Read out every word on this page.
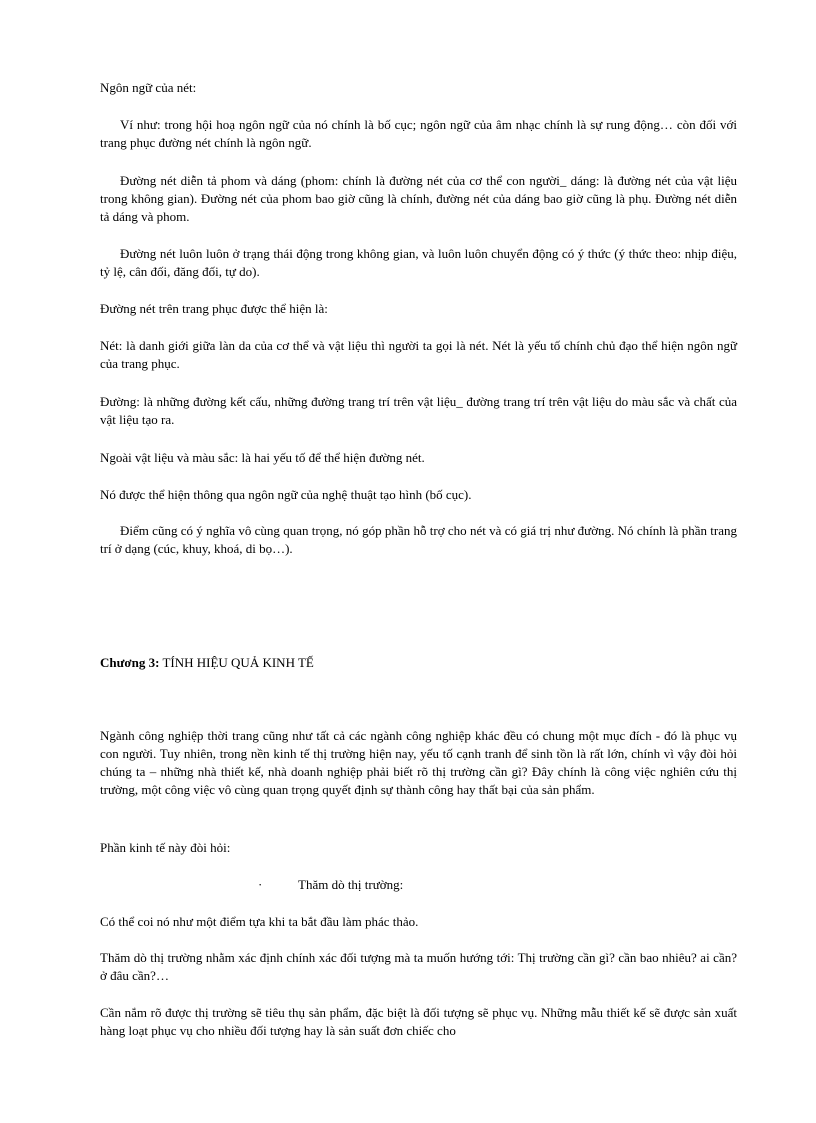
Ngôn ngữ của nét:

Ví như: trong hội hoạ ngôn ngữ của nó chính là bố cục; ngôn ngữ của âm nhạc chính là sự rung động… còn đối với trang phục đường nét chính là ngôn ngữ.

Đường nét diễn tả phom và dáng (phom: chính là đường nét của cơ thể con người_ dáng: là đường nét của vật liệu trong không gian). Đường nét của phom bao giờ cũng là chính, đường nét của dáng bao giờ cũng là phụ. Đường nét diễn tả dáng và phom.

Đường nét luôn luôn ở trạng thái động trong không gian, và luôn luôn chuyển động có ý thức (ý thức theo: nhịp điệu, tỷ lệ, cân đối, đăng đối, tự do).

Đường nét trên trang phục được thể hiện là:

Nét: là danh giới giữa làn da của cơ thể và vật liệu thì người ta gọi là nét. Nét là yếu tố chính chủ đạo thể hiện ngôn ngữ của trang phục.

Đường: là những đường kết cấu, những đường trang trí trên vật liệu_ đường trang trí trên vật liệu do màu sắc và chất của vật liệu tạo ra.

Ngoài vật liệu và màu sắc: là hai yếu tố để thể hiện đường nét.

Nó được thể hiện thông qua ngôn ngữ của nghệ thuật tạo hình (bố cục).

Điểm cũng có ý nghĩa vô cùng quan trọng, nó góp phần hỗ trợ cho nét và có giá trị như đường. Nó chính là phần trang trí ở dạng (cúc, khuy, khoá, di bọ…).

Chương 3: TÍNH HIỆU QUẢ KINH TẾ

Ngành công nghiệp thời trang cũng như tất cả các ngành công nghiệp khác đều có chung một mục đích - đó là phục vụ con người. Tuy nhiên, trong nền kinh tế thị trường hiện nay, yếu tố cạnh tranh để sinh tồn là rất lớn, chính vì vậy đòi hỏi chúng ta – những nhà thiết kế, nhà doanh nghiệp phải biết rõ thị trường cần gì? Đây chính là công việc nghiên cứu thị trường, một công việc vô cùng quan trọng quyết định sự thành công hay thất bại của sản phẩm.

Phần kinh tế này đòi hỏi:

·	Thăm dò thị trường:

Có thể coi nó như một điểm tựa khi ta bắt đầu làm phác thảo.

Thăm dò thị trường nhằm xác định chính xác đối tượng mà ta muốn hướng tới: Thị trường cần gì? cần bao nhiêu? ai cần? ở đâu cần?…

Cần nắm rõ được thị trường sẽ tiêu thụ sản phẩm, đặc biệt là đối tượng sẽ phục vụ. Những mẫu thiết kế sẽ được sản xuất hàng loạt phục vụ cho nhiều đối tượng hay là sản suất đơn chiếc cho
